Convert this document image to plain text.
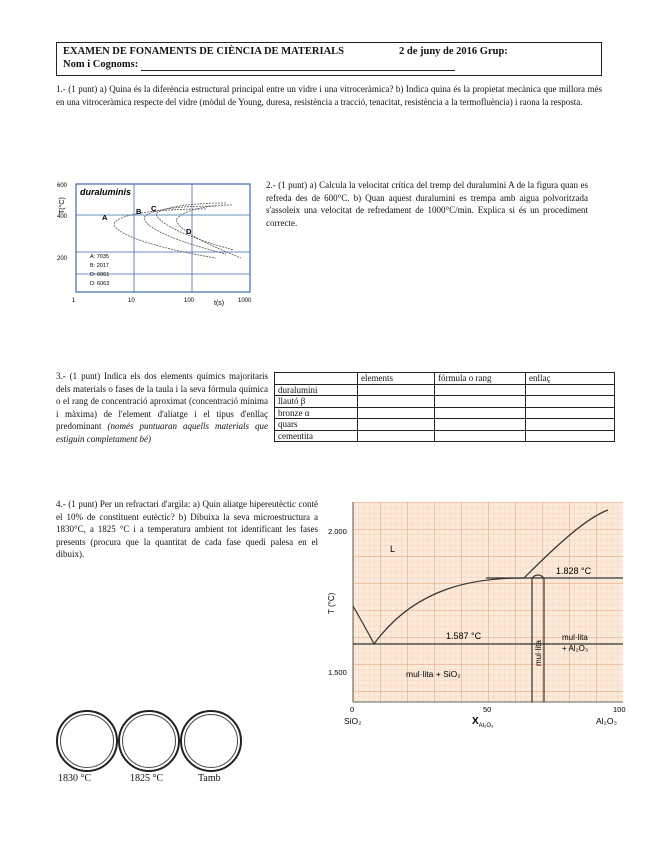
EXAMEN DE FONAMENTS DE CIÈNCIA DE MATERIALS	2 de juny de 2016 Grup:
Nom i Cognoms:
1.- (1 punt) a) Quina és la diferència estructural principal entre un vidre i una vitroceràmica? b) Indica quina és la propietat mecànica que millora més en una vitroceràmica respecte del vidre (mòdul de Young, duresa, resistència a tracció, tenacitat, resistència a la termofluència) i raona la resposta.
duraluminis
T(°C)
600
400
200
1	10	100	1000
t(s)
A
B C
D
A: 7035
B: 2017
D: 6061
D: 6063
2.- (1 punt) a) Calcula la velocitat crítica del tremp del duralumini A de la figura quan es refreda des de 600°C. b) Quan aquest duralumini es trempa amb aigua polvoritzada s'assoleix una velocitat de refredament de 1000°C/min. Explica si és un procediment correcte.
3.- (1 punt) Indica els dos elements químics majoritaris dels materials o fases de la taula i la seva fórmula química o el rang de concentració aproximat (concentració mínima i màxima) de l'element d'aliatge i el tipus d'enllaç predominant (només puntuaran aquells materials que estiguin completament bé)
	elements	fórmula o rang	enllaç
duralumini			
llautó β			
bronze α			
quars			
cementita			
4.- (1 punt) Per un refractari d'argila: a) Quin aliatge hipereutèctic conté el 10% de constituent eutèctic? b) Dibuixa la seva microestructura a 1830°C, a 1825 °C i a temperatura ambient tot identificant les fases presents (procura que la quantitat de cada fase quedi palesa en el dibuix).	L
1.828 °C
1.587 °C
mul·lita
mul·lita
+ Al₂O₃
mul·lita + SiO₂
T (°C)
2.000
1.500
0	50	100
SiO₂	$X_{Al_2O_3}$	Al₂O₃
1830 °C	1825 °C	Tamb
